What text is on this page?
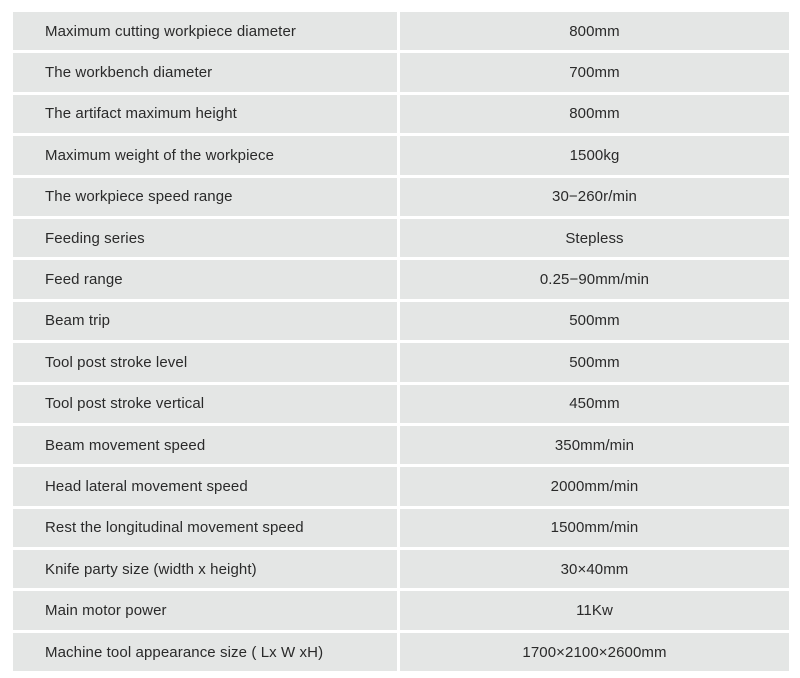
Maximum cutting workpiece diameter	800mm
The workbench diameter	700mm
The artifact maximum height	800mm
Maximum weight of the workpiece	1500kg
The workpiece speed range	30−260r/min
Feeding series	Stepless
Feed range	0.25−90mm/min
Beam trip	500mm
Tool post stroke level	500mm
Tool post stroke vertical	450mm
Beam movement speed	350mm/min
Head lateral movement speed	2000mm/min
Rest the longitudinal movement speed	1500mm/min
Knife party size (width x height)	30×40mm
Main motor power	11Kw
Machine tool appearance size ( Lx W xH)	1700×2100×2600mm
